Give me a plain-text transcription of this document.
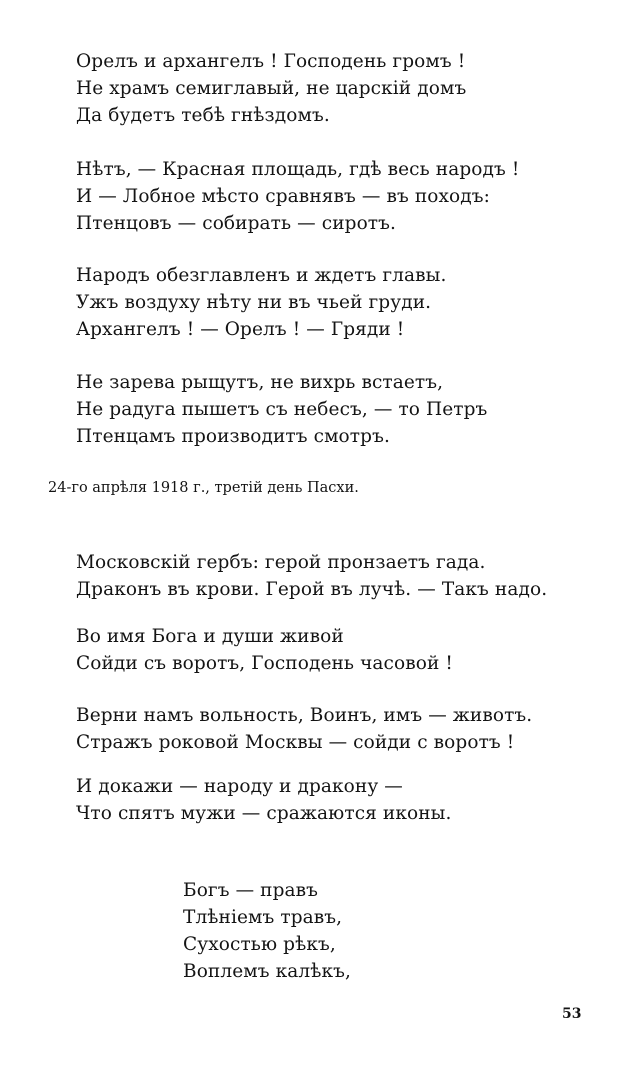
Орелъ и архангелъ ! Господень громъ !
Не храмъ семиглавый, не царскій домъ
Да будетъ тебѣ гнѣздомъ.
Нѣтъ, — Красная площадь, гдѣ весь народъ !
И — Лобное мѣсто сравнявъ — въ походъ:
Птенцовъ — собирать — сиротъ.
Народъ обезглавленъ и ждетъ главы.
Ужъ воздуху нѣту ни въ чьей груди.
Архангелъ ! — Орелъ ! — Гряди !
Не зарева рыщутъ, не вихрь встаетъ,
Не радуга пышетъ съ небесъ, — то Петръ
Птенцамъ производитъ смотръ.
24-го апрѣля 1918 г., третій день Пасхи.
Московскій гербъ: герой пронзаетъ гада.
Драконъ въ крови. Герой въ лучѣ. — Такъ надо.
Во имя Бога и души живой
Сойди съ воротъ, Господень часовой !
Верни намъ вольность, Воинъ, имъ — животъ.
Стражъ роковой Москвы — сойди с воротъ !
И докажи — народу и дракону —
Что спятъ мужи — сражаются иконы.
Богъ — правъ
Тлѣніемъ травъ,
Сухостью рѣкъ,
Воплемъ калѣкъ,
53
